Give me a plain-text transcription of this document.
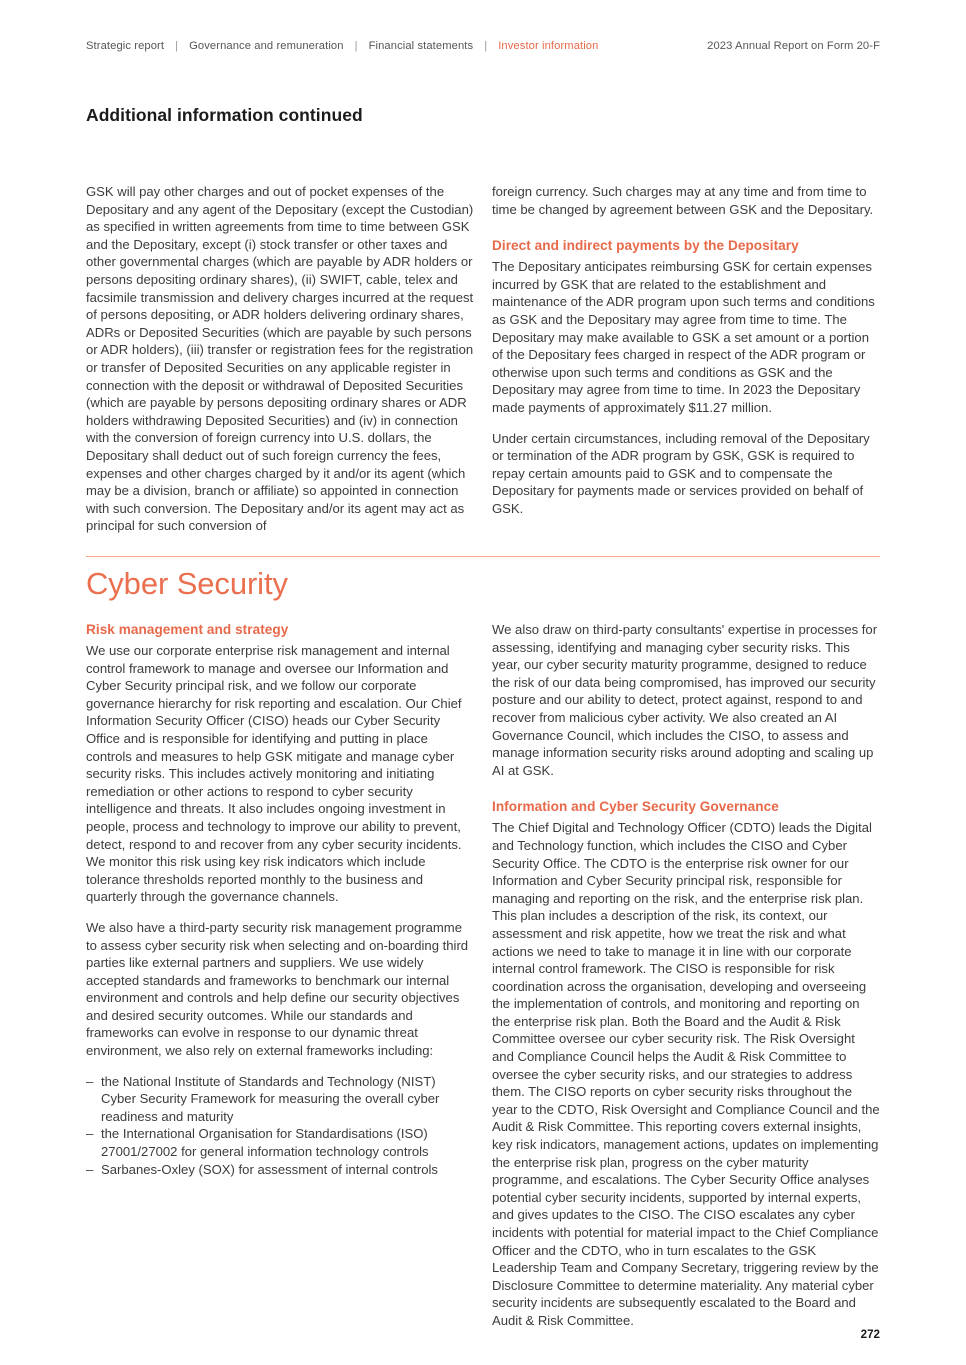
Strategic report | Governance and remuneration | Financial statements | Investor information	2023 Annual Report on Form 20-F
Additional information continued

GSK will pay other charges and out of pocket expenses of the Depositary and any agent of the Depositary (except the Custodian) as specified in written agreements from time to time between GSK and the Depositary, except (i) stock transfer or other taxes and other governmental charges (which are payable by ADR holders or persons depositing ordinary shares), (ii) SWIFT, cable, telex and facsimile transmission and delivery charges incurred at the request of persons depositing, or ADR holders delivering ordinary shares, ADRs or Deposited Securities (which are payable by such persons or ADR holders), (iii) transfer or registration fees for the registration or transfer of Deposited Securities on any applicable register in connection with the deposit or withdrawal of Deposited Securities (which are payable by persons depositing ordinary shares or ADR holders withdrawing Deposited Securities) and (iv) in connection with the conversion of foreign currency into U.S. dollars, the Depositary shall deduct out of such foreign currency the fees, expenses and other charges charged by it and/or its agent (which may be a division, branch or affiliate) so appointed in connection with such conversion. The Depositary and/or its agent may act as principal for such conversion of

foreign currency. Such charges may at any time and from time to time be changed by agreement between GSK and the Depositary.

Direct and indirect payments by the Depositary

The Depositary anticipates reimbursing GSK for certain expenses incurred by GSK that are related to the establishment and maintenance of the ADR program upon such terms and conditions as GSK and the Depositary may agree from time to time. The Depositary may make available to GSK a set amount or a portion of the Depositary fees charged in respect of the ADR program or otherwise upon such terms and conditions as GSK and the Depositary may agree from time to time. In 2023 the Depositary made payments of approximately $11.27 million.

Under certain circumstances, including removal of the Depositary or termination of the ADR program by GSK, GSK is required to repay certain amounts paid to GSK and to compensate the Depositary for payments made or services provided on behalf of GSK.

Cyber Security
Risk management and strategy

We use our corporate enterprise risk management and internal control framework to manage and oversee our Information and Cyber Security principal risk, and we follow our corporate governance hierarchy for risk reporting and escalation. Our Chief Information Security Officer (CISO) heads our Cyber Security Office and is responsible for identifying and putting in place controls and measures to help GSK mitigate and manage cyber security risks. This includes actively monitoring and initiating remediation or other actions to respond to cyber security intelligence and threats. It also includes ongoing investment in people, process and technology to improve our ability to prevent, detect, respond to and recover from any cyber security incidents. We monitor this risk using key risk indicators which include tolerance thresholds reported monthly to the business and quarterly through the governance channels.

We also have a third-party security risk management programme to assess cyber security risk when selecting and on-boarding third parties like external partners and suppliers. We use widely accepted standards and frameworks to benchmark our internal environment and controls and help define our security objectives and desired security outcomes. While our standards and frameworks can evolve in response to our dynamic threat environment, we also rely on external frameworks including:

– the National Institute of Standards and Technology (NIST) Cyber Security Framework for measuring the overall cyber readiness and maturity
– the International Organisation for Standardisations (ISO) 27001/27002 for general information technology controls
– Sarbanes-Oxley (SOX) for assessment of internal controls

We also draw on third-party consultants' expertise in processes for assessing, identifying and managing cyber security risks. This year, our cyber security maturity programme, designed to reduce the risk of our data being compromised, has improved our security posture and our ability to detect, protect against, respond to and recover from malicious cyber activity. We also created an AI Governance Council, which includes the CISO, to assess and manage information security risks around adopting and scaling up AI at GSK.

Information and Cyber Security Governance

The Chief Digital and Technology Officer (CDTO) leads the Digital and Technology function, which includes the CISO and Cyber Security Office. The CDTO is the enterprise risk owner for our Information and Cyber Security principal risk, responsible for managing and reporting on the risk, and the enterprise risk plan. This plan includes a description of the risk, its context, our assessment and risk appetite, how we treat the risk and what actions we need to take to manage it in line with our corporate internal control framework. The CISO is responsible for risk coordination across the organisation, developing and overseeing the implementation of controls, and monitoring and reporting on the enterprise risk plan. Both the Board and the Audit & Risk Committee oversee our cyber security risk. The Risk Oversight and Compliance Council helps the Audit & Risk Committee to oversee the cyber security risks, and our strategies to address them. The CISO reports on cyber security risks throughout the year to the CDTO, Risk Oversight and Compliance Council and the Audit & Risk Committee. This reporting covers external insights, key risk indicators, management actions, updates on implementing the enterprise risk plan, progress on the cyber maturity programme, and escalations. The Cyber Security Office analyses potential cyber security incidents, supported by internal experts, and gives updates to the CISO. The CISO escalates any cyber incidents with potential for material impact to the Chief Compliance Officer and the CDTO, who in turn escalates to the GSK Leadership Team and Company Secretary, triggering review by the Disclosure Committee to determine materiality. Any material cyber security incidents are subsequently escalated to the Board and Audit & Risk Committee.

272
